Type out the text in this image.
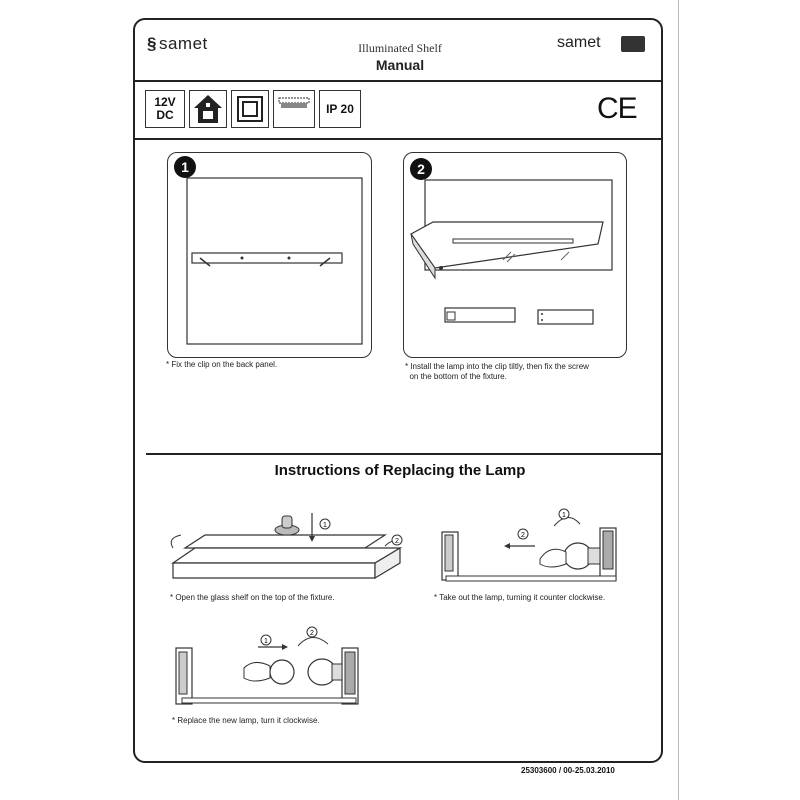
§ samet	Illuminated Shelf
Manual
samet
12V
DC	IP 20	CE
1
* Fix the clip on the back panel.
2
* Install the lamp into the clip tiltly, then fix the screw
on the bottom of the fixture.
Instructions of Replacing the Lamp
1
2
* Open the glass shelf on the top of the fixture.
2
1
* Take out the lamp, turning it counter clockwise.
1
2
* Replace the new lamp, turn it clockwise.
25303600 / 00-25.03.2010
